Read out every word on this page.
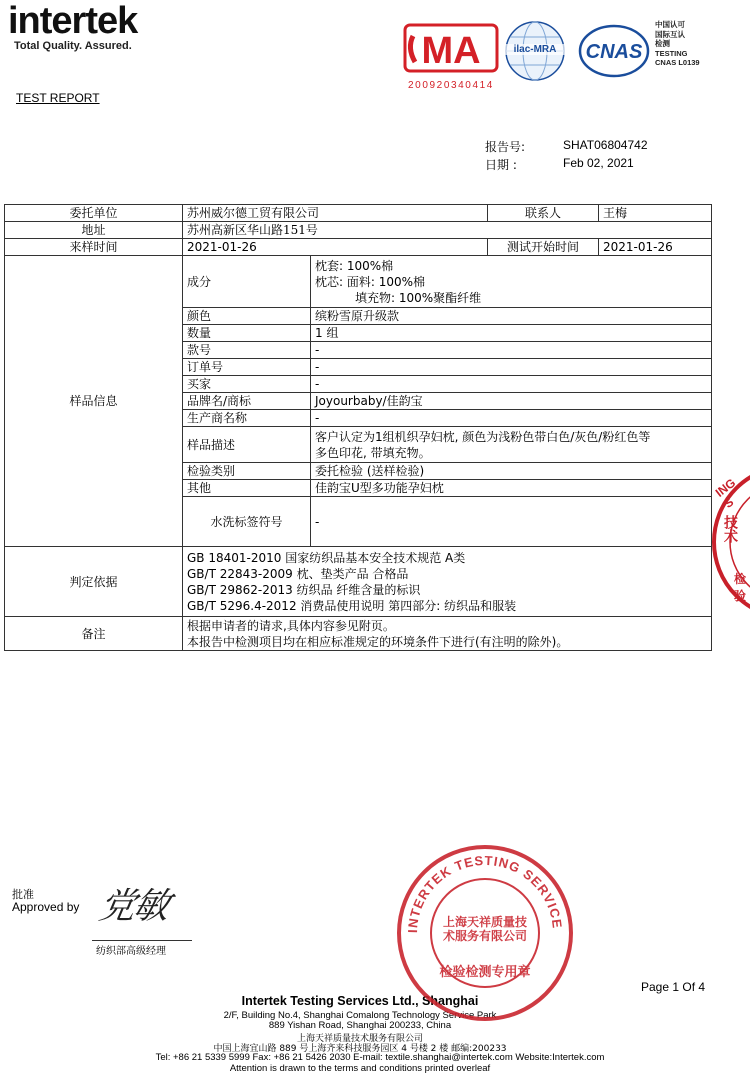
intertek
Total Quality. Assured.	MA
200920340414
ilac-MRA	CNAS
中国认可
国际互认
检测
TESTING
CNAS L0139
TEST REPORT
报告号:	SHAT06804742
日期 :	Feb 02, 2021
委托单位	苏州威尔德工贸有限公司		联系人	王梅
地址	苏州高新区华山路151号			
来样时间	2021-01-26		测试开始时间	2021-01-26
样品信息	成分	枕套: 100%棉
枕芯: 面料: 100%棉
填充物: 100%聚酯纤维		

	颜色	缤粉雪原升级款		
	数量	1 组		
	款号	-		
	订单号	-		
	买家	-		
	品牌名/商标	Joyourbaby/佳韵宝		
	生产商名称	-		
	样品描述	客户认定为1组机织孕妇枕, 颜色为浅粉色带白色/灰色/粉红色等
多色印花, 带填充物。		

	检验类别	委托检验 (送样检验)		
	其他	佳韵宝U型多功能孕妇枕		
	水洗标签符号	-		
判定依据	GB 18401-2010 国家纺织品基本安全技术规范 A类
GB/T 22843-2009 枕、垫类产品 合格品
GB/T 29862-2013 纺织品 纤维含量的标识
GB/T 5296.4-2012 消费品使用说明 第四部分: 纺织品和服装			

备注	根据申请者的请求,具体内容参见附页。
本报告中检测项目均在相应标准规定的环境条件下进行(有注明的除外)。			
ING S
技术
检验
批准
Approved by 党敏
纺织部高级经理
Page 1 Of 4
Intertek Testing Services Ltd., Shanghai
2/F, Building No.4, Shanghai Comalong Technology Service Park
889 Yishan Road, Shanghai 200233, China
上海天祥质量技术服务有限公司
中国上海宜山路 889 号上海齐来科技服务园区 4 号楼 2 楼 邮编:200233
Tel: +86 21 5339 5999 Fax: +86 21 5426 2030 E-mail: textile.shanghai@intertek.com Website:Intertek.com
Attention is drawn to the terms and conditions printed overleaf
INTERTEK TESTING SERVICE
上海天祥质量技术服务有限公司
检验检测专用章
